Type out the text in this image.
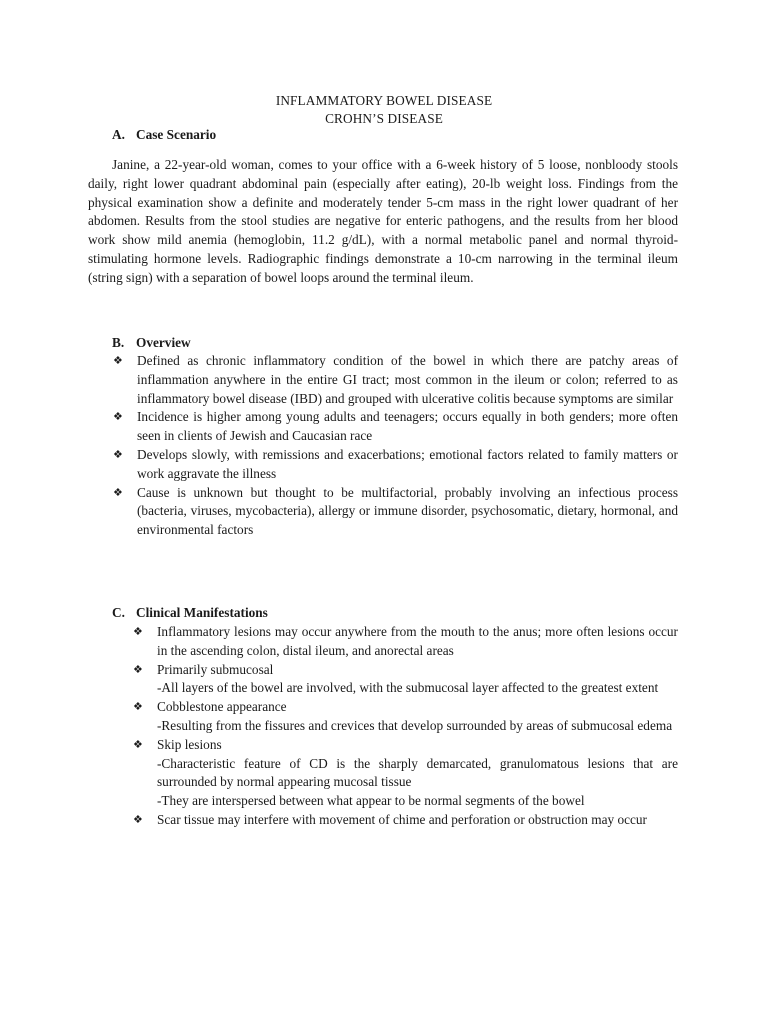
INFLAMMATORY BOWEL DISEASE
CROHN’S DISEASE
A. Case Scenario
Janine, a 22-year-old woman, comes to your office with a 6-week history of 5 loose, nonbloody stools daily, right lower quadrant abdominal pain (especially after eating), 20-lb weight loss. Findings from the physical examination show a definite and moderately tender 5-cm mass in the right lower quadrant of her abdomen. Results from the stool studies are negative for enteric pathogens, and the results from her blood work show mild anemia (hemoglobin, 11.2 g/dL), with a normal metabolic panel and normal thyroid-stimulating hormone levels. Radiographic findings demonstrate a 10-cm narrowing in the terminal ileum (string sign) with a separation of bowel loops around the terminal ileum.
B. Overview
❖ Defined as chronic inflammatory condition of the bowel in which there are patchy areas of inflammation anywhere in the entire GI tract; most common in the ileum or colon; referred to as inflammatory bowel disease (IBD) and grouped with ulcerative colitis because symptoms are similar
❖ Incidence is higher among young adults and teenagers; occurs equally in both genders; more often seen in clients of Jewish and Caucasian race
❖ Develops slowly, with remissions and exacerbations; emotional factors related to family matters or work aggravate the illness
❖ Cause is unknown but thought to be multifactorial, probably involving an infectious process (bacteria, viruses, mycobacteria), allergy or immune disorder, psychosomatic, dietary, hormonal, and environmental factors
C. Clinical Manifestations
❖ Inflammatory lesions may occur anywhere from the mouth to the anus; more often lesions occur in the ascending colon, distal ileum, and anorectal areas
❖ Primarily submucosal
-All layers of the bowel are involved, with the submucosal layer affected to the greatest extent
❖ Cobblestone appearance
-Resulting from the fissures and crevices that develop surrounded by areas of submucosal edema
❖ Skip lesions
-Characteristic feature of CD is the sharply demarcated, granulomatous lesions that are surrounded by normal appearing mucosal tissue
-They are interspersed between what appear to be normal segments of the bowel
❖ Scar tissue may interfere with movement of chime and perforation or obstruction may occur
